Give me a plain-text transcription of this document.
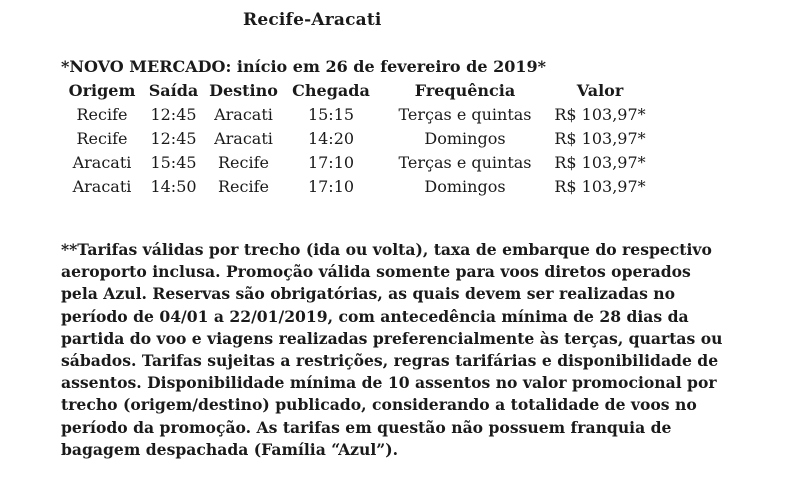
Recife-Aracati
*NOVO MERCADO: início em 26 de fevereiro de 2019*
Origem	Saída	Destino	Chegada	Frequência	Valor
Recife	12:45	Aracati	15:15	Terças e quintas	R$ 103,97*
Recife	12:45	Aracati	14:20	Domingos	R$ 103,97*
Aracati	15:45	Recife	17:10	Terças e quintas	R$ 103,97*
Aracati	14:50	Recife	17:10	Domingos	R$ 103,97*
**Tarifas válidas por trecho (ida ou volta), taxa de embarque do respectivo
aeroporto inclusa. Promoção válida somente para voos diretos operados
pela Azul. Reservas são obrigatórias, as quais devem ser realizadas no
período de 04/01 a 22/01/2019, com antecedência mínima de 28 dias da
partida do voo e viagens realizadas preferencialmente às terças, quartas ou
sábados. Tarifas sujeitas a restrições, regras tarifárias e disponibilidade de
assentos. Disponibilidade mínima de 10 assentos no valor promocional por
trecho (origem/destino) publicado, considerando a totalidade de voos no
período da promoção. As tarifas em questão não possuem franquia de
bagagem despachada (Família “Azul”).
